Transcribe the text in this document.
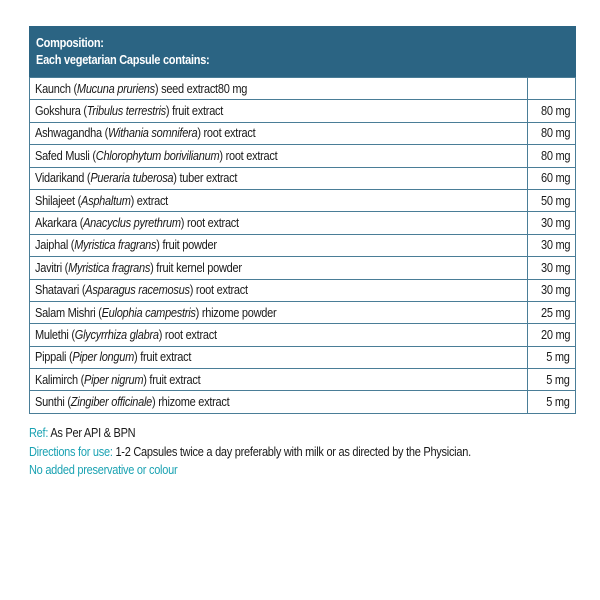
Composition:
Each vegetarian Capsule contains:
Kaunch (Mucuna pruriens) seed extract80 mg	
Gokshura (Tribulus terrestris) fruit extract	80 mg
Ashwagandha (Withania somnifera) root extract	80 mg
Safed Musli (Chlorophytum borivilianum) root extract	80 mg
Vidarikand (Pueraria tuberosa) tuber extract	60 mg
Shilajeet (Asphaltum) extract	50 mg
Akarkara (Anacyclus pyrethrum) root extract	30 mg
Jaiphal (Myristica fragrans) fruit powder	30 mg
Javitri (Myristica fragrans) fruit kernel powder	30 mg
Shatavari (Asparagus racemosus) root extract	30 mg
Salam Mishri (Eulophia campestris) rhizome powder	25 mg
Mulethi (Glycyrrhiza glabra) root extract	20 mg
Pippali (Piper longum) fruit extract	5 mg
Kalimirch (Piper nigrum) fruit extract	5 mg
Sunthi (Zingiber officinale) rhizome extract	5 mg
Ref: As Per API & BPN
Directions for use: 1-2 Capsules twice a day preferably with milk or as directed by the Physician.
No added preservative or colour
